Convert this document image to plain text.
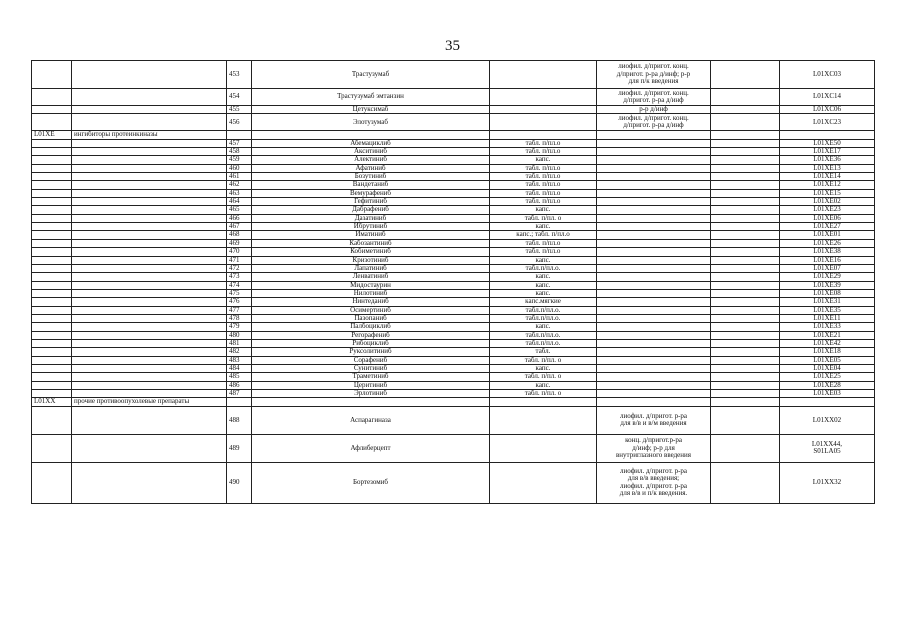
35
		453	Трастузумаб		лиофил. д/пригот. конц.
д/пригот. р-ра д/инф; р-р
для п/к введения		L01XC03
		454	Трастузумаб эмтанзин		лиофил. д/пригот. конц.
д/пригот. р-ра д/инф		L01XC14
		455	Цетуксимаб		р-р д/инф		L01XC06
		456	Элотузумаб		лиофил. д/пригот. конц.
д/пригот. р-ра д/инф		L01XC23
L01XE	ингибиторы протеинкиназы						
		457	Абемациклиб	табл. п/пл.о			L01XE50
		458	Акситиниб	табл. п/пл.о			L01XE17
		459	Алектиниб	капс.			L01XE36
		460	Афатиниб	табл. п/пл.о			L01XE13
		461	Бозутиниб	табл. п/пл.о			L01XE14
		462	Вандетаниб	табл. п/пл.о			L01XE12
		463	Вемурафениб	табл. п/пл.о			L01XE15
		464	Гефитиниб	табл. п/пл.о			L01XE02
		465	Дабрафениб	капс.			L01XE23
		466	Дазатиниб	табл. п/пл. о			L01XE06
		467	Ибрутиниб	капс.			L01XE27
		468	Иматиниб	капс.; табл. п/пл.о			L01XE01
		469	Кабозантиниб	табл. п/пл.о			L01XE26
		470	Кобиметиниб	табл. п/пл.о			L01XE38
		471	Кризотиниб	капс.			L01XE16
		472	Лапатиниб	табл.п/пл.о.			L01XE07
		473	Ленватиниб	капс.			L01XE29
		474	Мидостаурин	капс.			L01XE39
		475	Нилотиниб	капс.			L01XE08
		476	Нинтеданиб	капс.мягкие			L01XE31
		477	Осимертиниб	табл.п/пл.о.			L01XE35
		478	Пазопаниб	табл.п/пл.о.			L01XE11
		479	Палбоциклиб	капс.			L01XE33
		480	Регорафениб	табл.п/пл.о.			L01XE21
		481	Рибоциклиб	табл.п/пл.о.			L01XE42
		482	Руксолитиниб	табл.			L01XE18
		483	Сорафениб	табл. п/пл. о			L01XE05
		484	Сунитиниб	капс.			L01XE04
		485	Траметиниб	табл. п/пл. о			L01XE25
		486	Церитиниб	капс.			L01XE28
		487	Эрлотиниб	табл. п/пл. о			L01XE03
L01XX	прочие противоопухолевые препараты						
		488	Аспарагиназа		лиофил. д/пригот. р-ра
для в/в и в/м введения		L01XX02
		489	Афлиберцепт		конц. д/пригот.р-ра
д/инф; р-р для
внутриглазного введения		L01XX44,
S01LA05

		490	Бортезомиб		лиофил. д/пригот. р-ра
для в/в введения;
лиофил. д/пригот. р-ра
для в/в и п/к введения.		L01XX32
